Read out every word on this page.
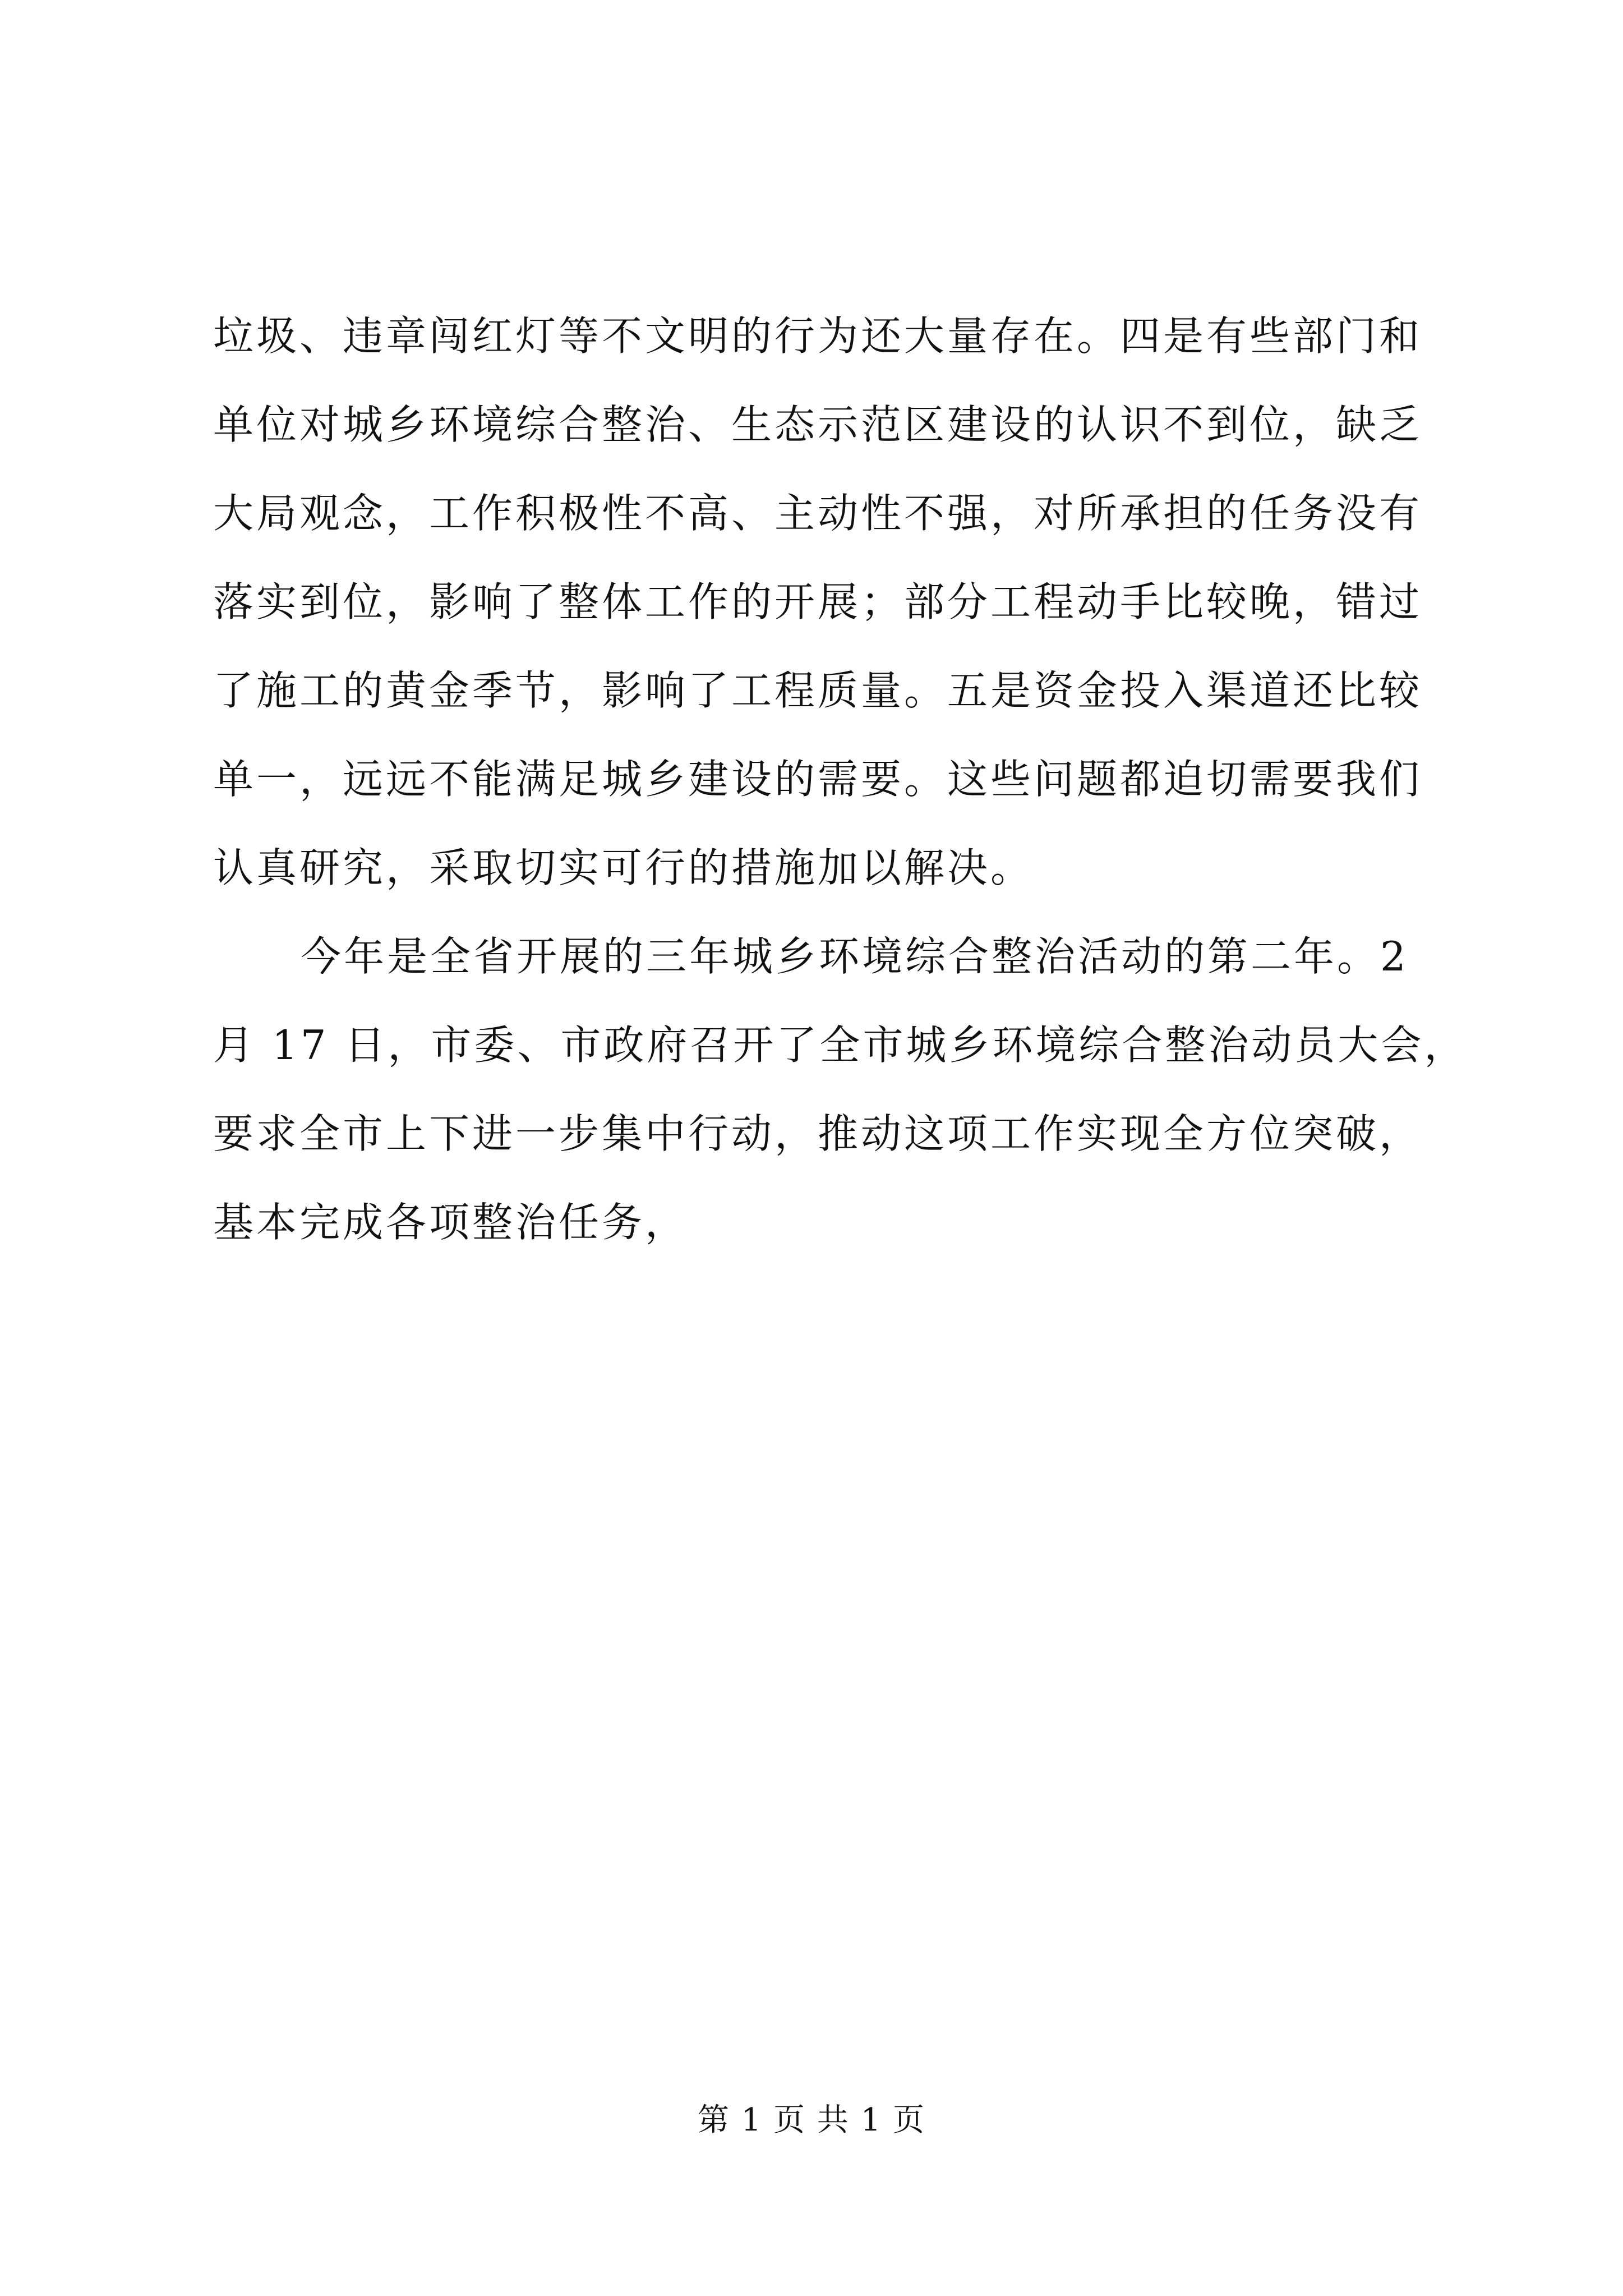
垃圾、违章闯红灯等不文明的行为还大量存在。四是有些部门和
单位对城乡环境综合整治、生态示范区建设的认识不到位，缺乏
大局观念，工作积极性不高、主动性不强，对所承担的任务没有
落实到位，影响了整体工作的开展；部分工程动手比较晚，错过
了施工的黄金季节，影响了工程质量。五是资金投入渠道还比较
单一，远远不能满足城乡建设的需要。这些问题都迫切需要我们
认真研究，采取切实可行的措施加以解决。
今年是全省开展的三年城乡环境综合整治活动的第二年。2
月 17 日，市委、市政府召开了全市城乡环境综合整治动员大会，
要求全市上下进一步集中行动，推动这项工作实现全方位突破，
基本完成各项整治任务，
第 1 页 共 1 页
